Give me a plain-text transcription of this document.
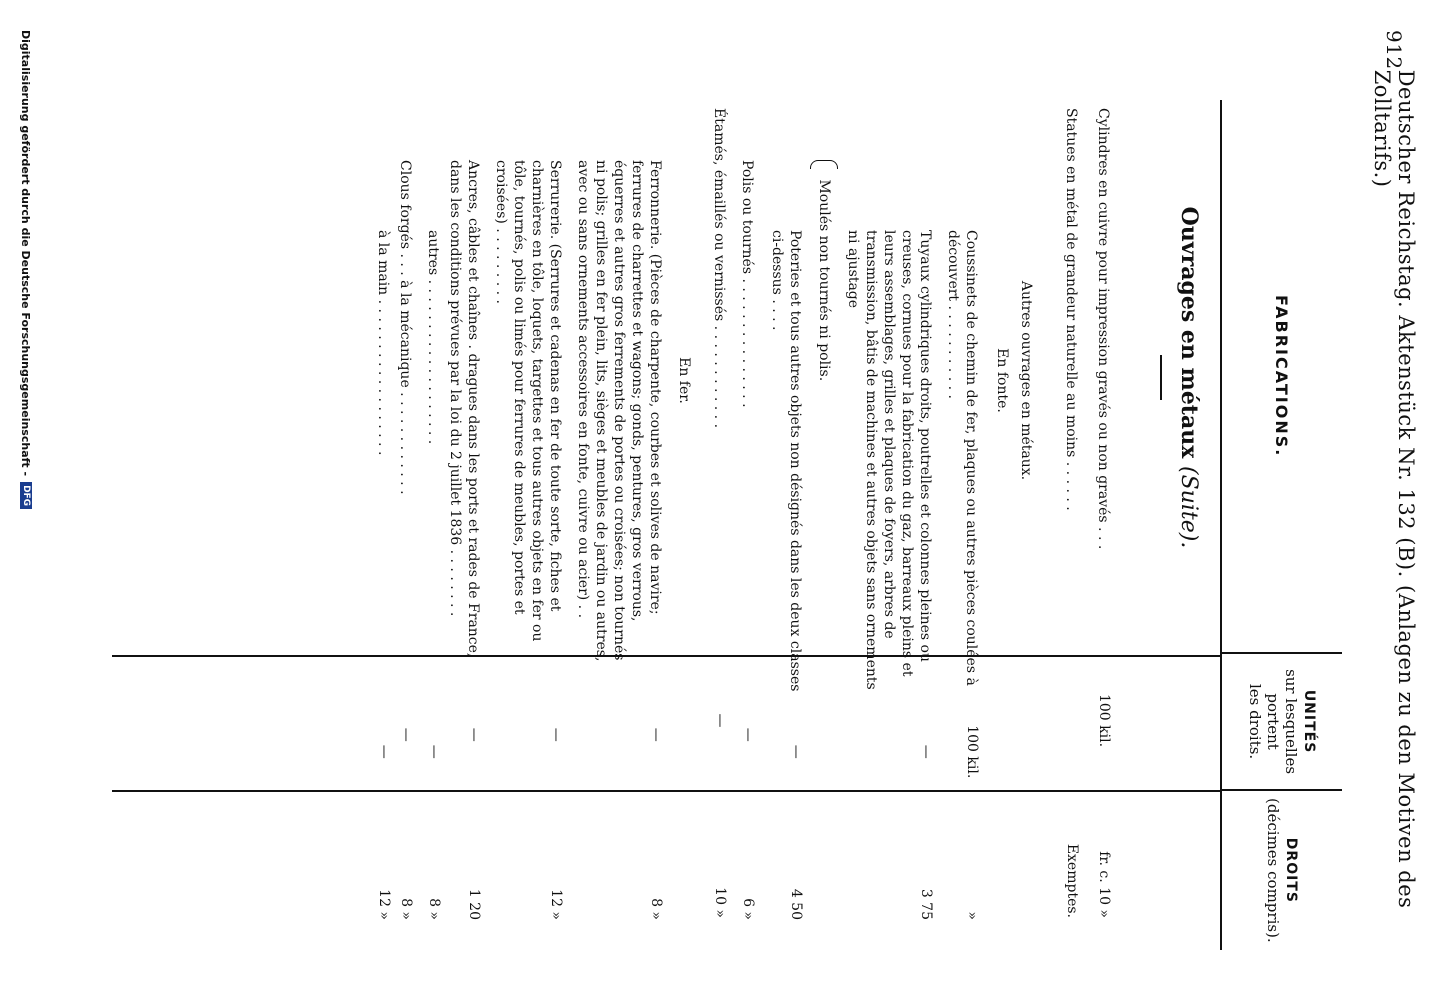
912
Deutscher Reichstag. Aktenstück Nr. 132 (B). (Anlagen zu den Motiven des Zolltarifs.)
FABRICATIONS.
UNITÉS
sur lesquelles
portent
les droits.
DROITS
(décimes compris).
Ouvrages en métaux (Suite).
Cylindres en cuivre pour impression gravés ou non gravés . . .
100 kil.
fr. c. 10 »
Statues en métal de grandeur naturelle au moins . . . . . .
Exemptes.
Autres ouvrages en métaux.
En fonte.
Coussinets de chemin de fer, plaques ou autres pièces coulées à découvert . . . . . . . . . . .
100 kil.
»
Tuyaux cylindriques droits, poutrelles et colonnes pleines ou creuses, cornues pour la fabrication du gaz, barreaux pleins et leurs assemblages, grilles et plaques de foyers, arbres de transmission, bâtis de machines et autres objets sans ornements ni ajustage
—
3 75
Moulés non tournés ni polis.
Poteries et tous autres objets non désignés dans les deux classes ci-dessus . . . .
—
4 50
Polis ou tournés . . . . . . . . . . . . . . .
—
6 »
Étamés, émaillés ou vernissés . . . . . . . . . . . .
—
10 »
En fer.
Ferronnerie. (Pièces de charpente, courbes et solives de navire; ferrures de charrettes et wagons; gonds, pentures, gros verrous, équerres et autres gros ferrements de portes ou croisées; non tournés ni polis; grilles en fer plein, lits, sièges et meubles de jardin ou autres, avec ou sans ornements accessoires en fonte, cuivre ou acier) . .
—
8 »
Serrurerie. (Serrures et cadenas en fer de toute sorte, fiches et charnières en tôle, loquets, targettes et tous autres objets en fer ou tôle, tournés, polis ou limés pour ferrures de meubles, portes et croisées) . . . . . . . . .
—
12 »
Ancres, câbles et chaînes . dragues dans les ports et rades de France, dans les conditions prévues par la loi du 2 juillet 1836 . . . . . . . .
—
1 20
autres . . . . . . . . . . . . . . . . . . .
—
8 »
Clous forgés . . . à la mécanique . . . . . . . . . . . .
—
8 »
à la main . . . . . . . . . . . . . . . . . .
—
12 »
Digitalisierung gefördert durch die Deutsche Forschungsgemeinschaft -
DFG
